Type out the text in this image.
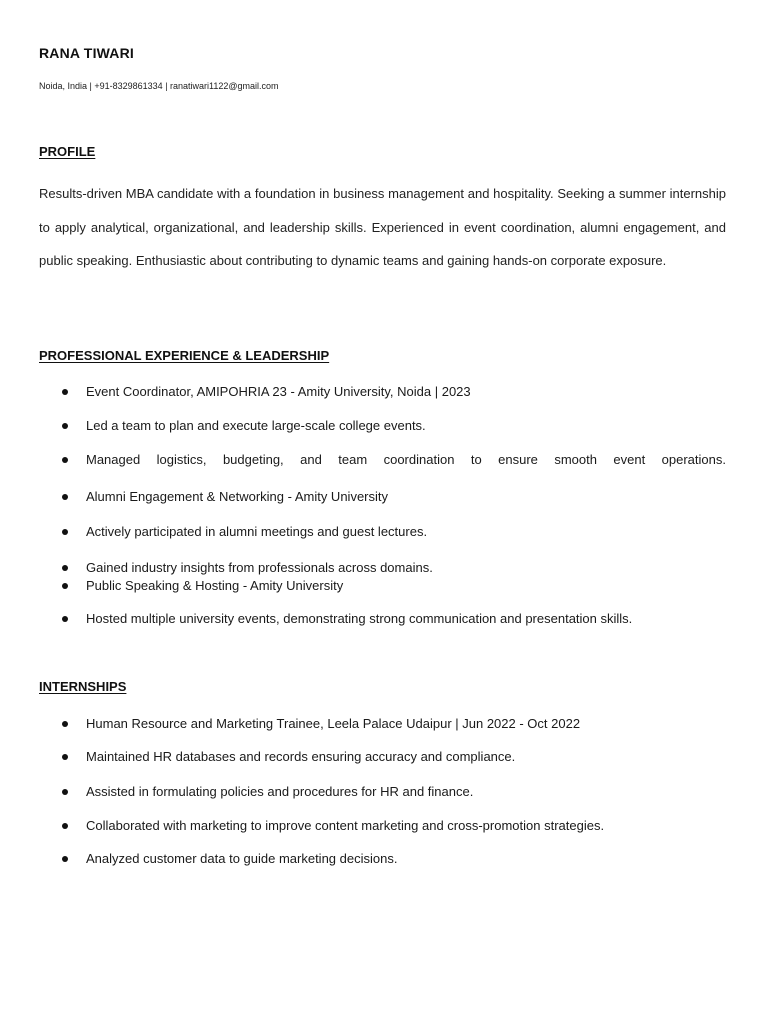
RANA TIWARI
Noida, India | +91-8329861334 | ranatiwari1122@gmail.com
PROFILE
Results-driven MBA candidate with a foundation in business management and hospitality. Seeking a summer internship to apply analytical, organizational, and leadership skills. Experienced in event coordination, alumni engagement, and public speaking. Enthusiastic about contributing to dynamic teams and gaining hands-on corporate exposure.
PROFESSIONAL EXPERIENCE & LEADERSHIP
Event Coordinator, AMIPOHRIA 23 - Amity University, Noida | 2023
Led a team to plan and execute large-scale college events.
Managed logistics, budgeting, and team coordination to ensure smooth event operations.
Alumni Engagement & Networking - Amity University
Actively participated in alumni meetings and guest lectures.
Gained industry insights from professionals across domains.
Public Speaking & Hosting - Amity University
Hosted multiple university events, demonstrating strong communication and presentation skills.
INTERNSHIPS
Human Resource and Marketing Trainee, Leela Palace Udaipur | Jun 2022 - Oct 2022
Maintained HR databases and records ensuring accuracy and compliance.
Assisted in formulating policies and procedures for HR and finance.
Collaborated with marketing to improve content marketing and cross-promotion strategies.
Analyzed customer data to guide marketing decisions.
